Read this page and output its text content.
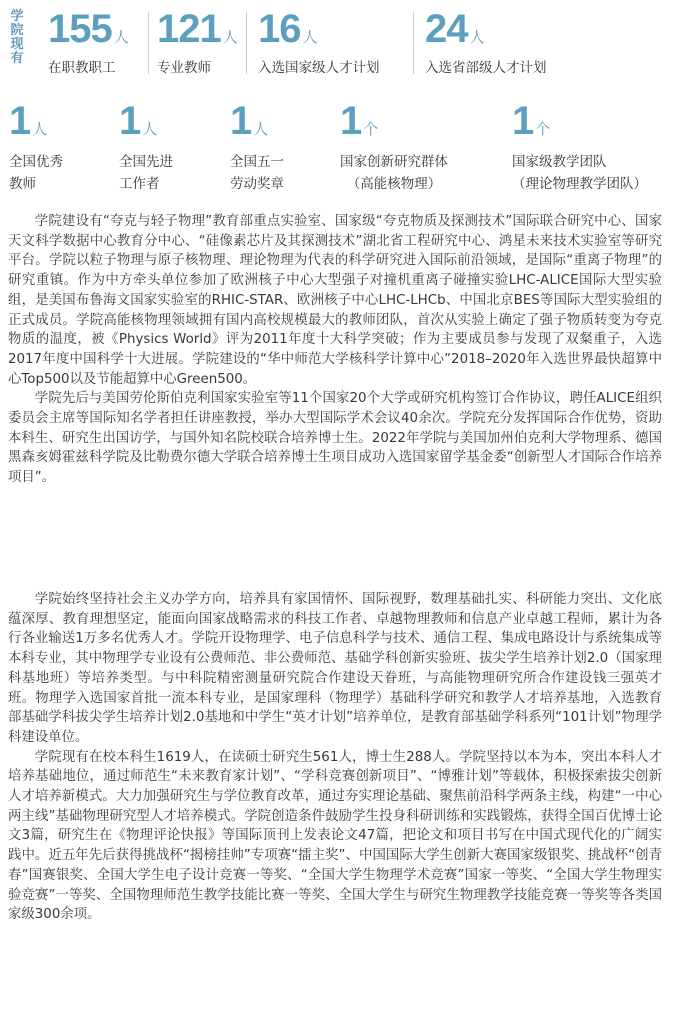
学
院
现
有
155 人
在职教职工
121 人
专业教师
16 人
入选国家级人才计划
24 人
入选省部级人才计划
1 人
全国优秀
教师
1 人
全国先进
工作者
1 人
全国五一
劳动奖章
1 个
国家创新研究群体
（高能核物理）
1 个
国家级教学团队
（理论物理教学团队）

学院建设有“夸克与轻子物理”教育部重点实验室、国家级“夸克物质及探测技术”国际联合研究中心、国家天文科学数据中心教育分中心、“硅像素芯片及其探测技术”湖北省工程研究中心、鸿星未来技术实验室等研究平台。学院以粒子物理与原子核物理、理论物理为代表的科学研究进入国际前沿领域，是国际“重离子物理”的研究重镇。作为中方牵头单位参加了欧洲核子中心大型强子对撞机重离子碰撞实验LHC-ALICE国际大型实验组，是美国布鲁海文国家实验室的RHIC-STAR、欧洲核子中心LHC-LHCb、中国北京BES等国际大型实验组的正式成员。学院高能核物理领域拥有国内高校规模最大的教师团队，首次从实验上确定了强子物质转变为夸克物质的温度，被《Physics World》评为2011年度十大科学突破；作为主要成员参与发现了双粲重子，入选2017年度中国科学十大进展。学院建设的“华中师范大学核科学计算中心”2018–2020年入选世界最快超算中心Top500以及节能超算中心Green500。

学院先后与美国劳伦斯伯克利国家实验室等11个国家20个大学或研究机构签订合作协议，聘任ALICE组织委员会主席等国际知名学者担任讲座教授，举办大型国际学术会议40余次。学院充分发挥国际合作优势，资助本科生、研究生出国访学，与国外知名院校联合培养博士生。2022年学院与美国加州伯克利大学物理系、德国黑森亥姆霍兹科学院及比勒费尔德大学联合培养博士生项目成功入选国家留学基金委“创新型人才国际合作培养项目”。

学院始终坚持社会主义办学方向，培养具有家国情怀、国际视野，数理基础扎实、科研能力突出、文化底蕴深厚、教育理想坚定，能面向国家战略需求的科技工作者、卓越物理教师和信息产业卓越工程师，累计为各行各业输送1万多名优秀人才。学院开设物理学、电子信息科学与技术、通信工程、集成电路设计与系统集成等本科专业，其中物理学专业设有公费师范、非公费师范、基础学科创新实验班、拔尖学生培养计划2.0（国家理科基地班）等培养类型。与中科院精密测量研究院合作建设天眷班，与高能物理研究所合作建设钱三强英才班。物理学入选国家首批一流本科专业，是国家理科（物理学）基础科学研究和教学人才培养基地，入选教育部基础学科拔尖学生培养计划2.0基地和中学生“英才计划”培养单位，是教育部基础学科系列“101计划”物理学科建设单位。

学院现有在校本科生1619人，在读硕士研究生561人，博士生288人。学院坚持以本为本，突出本科人才培养基础地位，通过师范生“未来教育家计划”、“学科竞赛创新项目”、“博雅计划”等载体，积极探索拔尖创新人才培养新模式。大力加强研究生与学位教育改革，通过夯实理论基础、聚焦前沿科学两条主线，构建“一中心两主线”基础物理研究型人才培养模式。学院创造条件鼓励学生投身科研训练和实践锻炼，获得全国百优博士论文3篇，研究生在《物理评论快报》等国际顶刊上发表论文47篇，把论文和项目书写在中国式现代化的广阔实践中。近五年先后获得挑战杯“揭榜挂帅”专项赛“擂主奖”、中国国际大学生创新大赛国家级银奖、挑战杯“创青春”国赛银奖、全国大学生电子设计竞赛一等奖、“全国大学生物理学术竞赛”国家一等奖、“全国大学生物理实验竞赛”一等奖、全国物理师范生教学技能比赛一等奖、全国大学生与研究生物理教学技能竞赛一等奖等各类国家级300余项。
